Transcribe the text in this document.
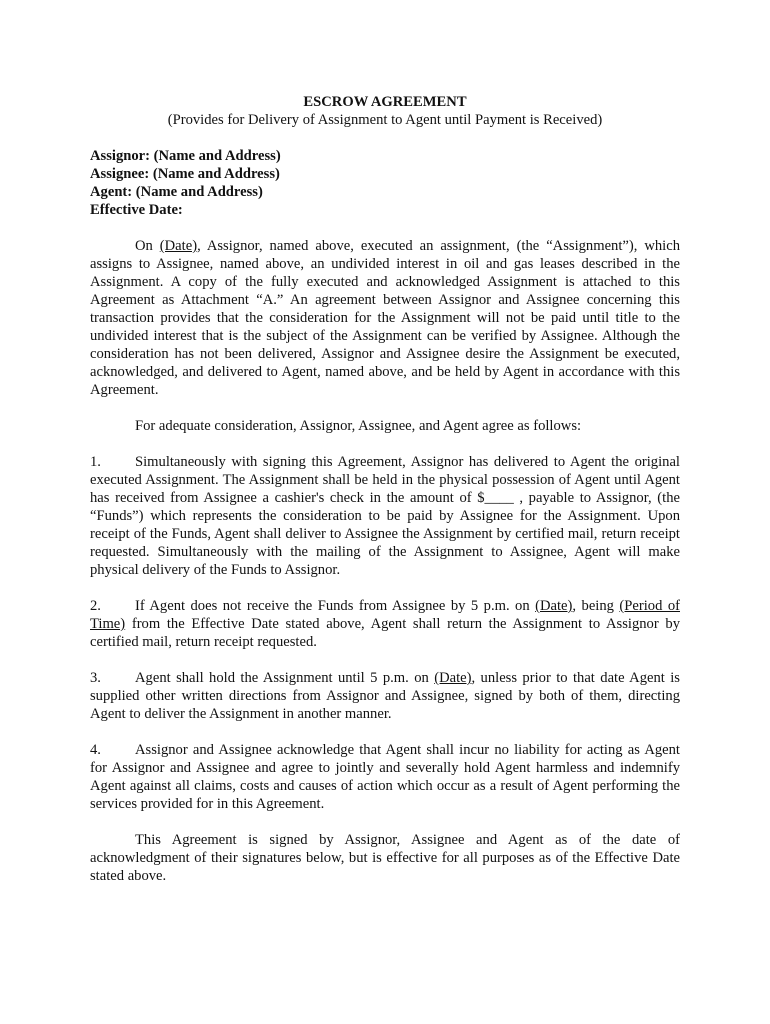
ESCROW AGREEMENT
(Provides for Delivery of Assignment to Agent until Payment is Received)
Assignor: (Name and Address)
Assignee: (Name and Address)
Agent: (Name and Address)
Effective Date:

On (Date), Assignor, named above, executed an assignment, (the “Assignment”), which assigns to Assignee, named above, an undivided interest in oil and gas leases described in the Assignment. A copy of the fully executed and acknowledged Assignment is attached to this Agreement as Attachment “A.” An agreement between Assignor and Assignee concerning this transaction provides that the consideration for the Assignment will not be paid until title to the undivided interest that is the subject of the Assignment can be verified by Assignee. Although the consideration has not been delivered, Assignor and Assignee desire the Assignment be executed, acknowledged, and delivered to Agent, named above, and be held by Agent in accordance with this Agreement.

For adequate consideration, Assignor, Assignee, and Agent agree as follows:

1. Simultaneously with signing this Agreement, Assignor has delivered to Agent the original executed Assignment. The Assignment shall be held in the physical possession of Agent until Agent has received from Assignee a cashier's check in the amount of $____ , payable to Assignor, (the “Funds”) which represents the consideration to be paid by Assignee for the Assignment. Upon receipt of the Funds, Agent shall deliver to Assignee the Assignment by certified mail, return receipt requested. Simultaneously with the mailing of the Assignment to Assignee, Agent will make physical delivery of the Funds to Assignor.

2. If Agent does not receive the Funds from Assignee by 5 p.m. on (Date), being (Period of Time) from the Effective Date stated above, Agent shall return the Assignment to Assignor by certified mail, return receipt requested.

3. Agent shall hold the Assignment until 5 p.m. on (Date), unless prior to that date Agent is supplied other written directions from Assignor and Assignee, signed by both of them, directing Agent to deliver the Assignment in another manner.

4. Assignor and Assignee acknowledge that Agent shall incur no liability for acting as Agent for Assignor and Assignee and agree to jointly and severally hold Agent harmless and indemnify Agent against all claims, costs and causes of action which occur as a result of Agent performing the services provided for in this Agreement.

This Agreement is signed by Assignor, Assignee and Agent as of the date of acknowledgment of their signatures below, but is effective for all purposes as of the Effective Date stated above.
